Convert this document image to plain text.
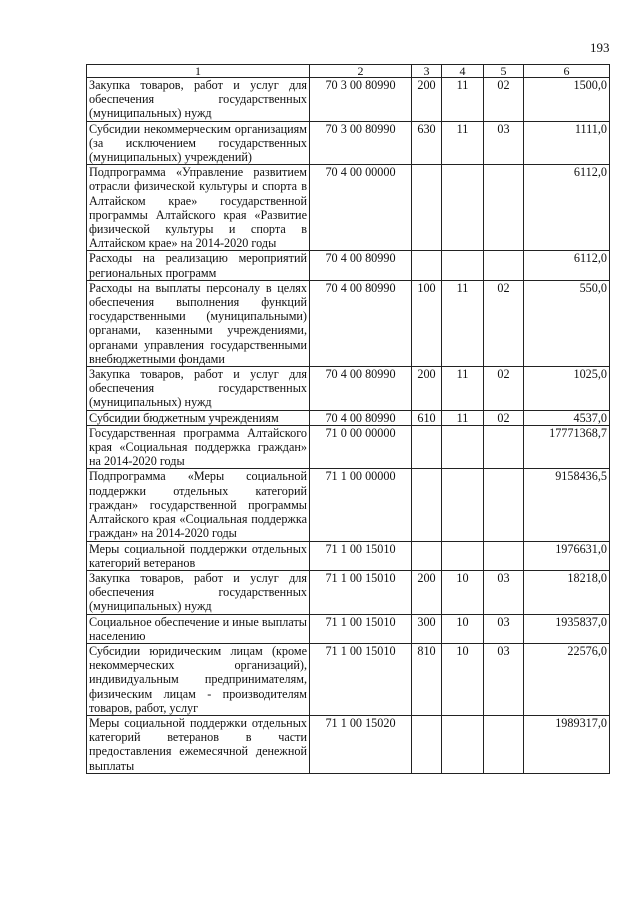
193
1	2	3	4	5	6
Закупка товаров, работ и услуг для обеспечения государственных (муниципальных) нужд	70 3 00 80990	200	11	02	1500,0
Субсидии некоммерческим организациям (за исключением государственных (муниципальных) учреждений)	70 3 00 80990	630	11	03	1111,0
Подпрограмма «Управление развитием отрасли физической культуры и спорта в Алтайском крае» государственной программы Алтайского края «Развитие физической культуры и спорта в Алтайском крае» на 2014-2020 годы	70 4 00 00000				6112,0
Расходы на реализацию мероприятий региональных программ	70 4 00 80990				6112,0
Расходы на выплаты персоналу в целях обеспечения выполнения функций государственными (муниципальными) органами, казенными учреждениями, органами управления государственными внебюджетными фондами	70 4 00 80990	100	11	02	550,0
Закупка товаров, работ и услуг для обеспечения государственных (муниципальных) нужд	70 4 00 80990	200	11	02	1025,0
Субсидии бюджетным учреждениям	70 4 00 80990	610	11	02	4537,0
Государственная программа Алтайского края «Социальная поддержка граждан» на 2014-2020 годы	71 0 00 00000				17771368,7
Подпрограмма «Меры социальной поддержки отдельных категорий граждан» государственной программы Алтайского края «Социальная поддержка граждан» на 2014-2020 годы	71 1 00 00000				9158436,5
Меры социальной поддержки отдельных категорий ветеранов	71 1 00 15010				1976631,0
Закупка товаров, работ и услуг для обеспечения государственных (муниципальных) нужд	71 1 00 15010	200	10	03	18218,0
Социальное обеспечение и иные выплаты населению	71 1 00 15010	300	10	03	1935837,0
Субсидии юридическим лицам (кроме некоммерческих организаций), индивидуальным предпринимателям, физическим лицам - производителям товаров, работ, услуг	71 1 00 15010	810	10	03	22576,0
Меры социальной поддержки отдельных категорий ветеранов в части предоставления ежемесячной денежной выплаты	71 1 00 15020				1989317,0
